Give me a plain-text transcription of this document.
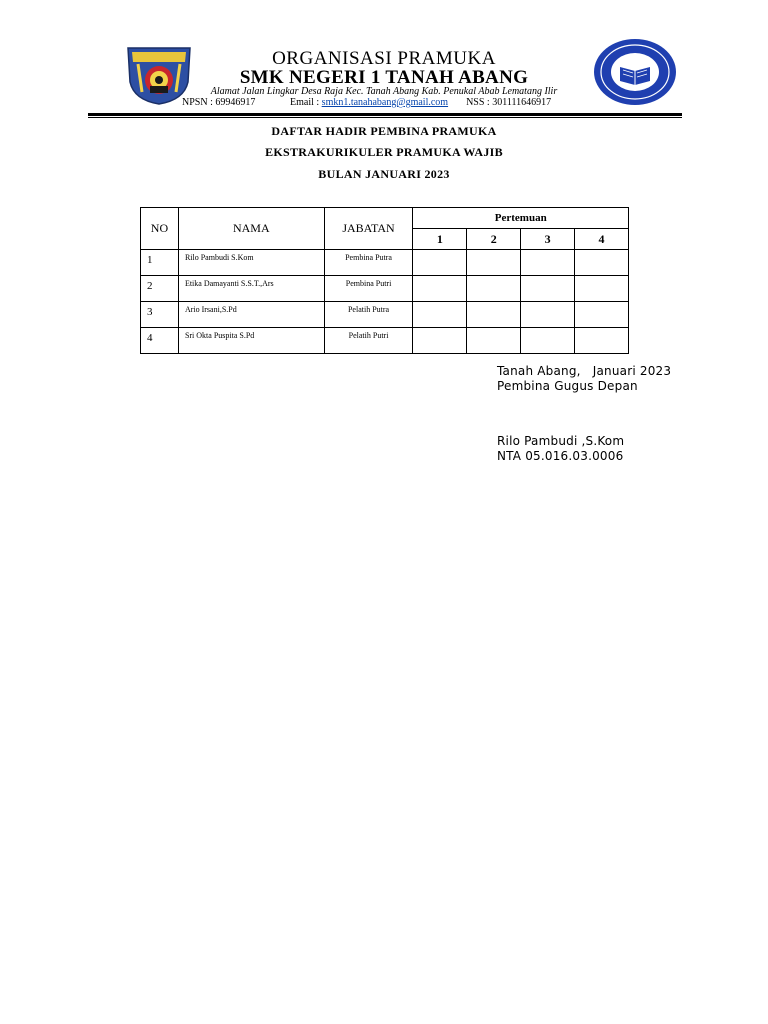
ORGANISASI PRAMUKA
SMK NEGERI 1 TANAH ABANG
Alamat Jalan Lingkar Desa Raja Kec. Tanah Abang Kab. Penukal Abab Lematang Ilir
NPSN : 69946917	Email : smkn1.tanahabang@gmail.com NSS : 301111646917
DAFTAR HADIR PEMBINA PRAMUKA
EKSTRAKURIKULER PRAMUKA WAJIB
BULAN JANUARI 2023
NO	NAMA	JABATAN	Pertemuan			
			1	2	3	4
1	Rilo Pambudi S.Kom	Pembina Putra				
2	Etika Damayanti S.S.T.,Ars	Pembina Putri				
3	Ario Irsani,S.Pd	Pelatih Putra				
4	Sri Okta Puspita S.Pd	Pelatih Putri				
Tanah Abang,   Januari 2023
Pembina Gugus Depan
Rilo Pambudi ,S.Kom
NTA 05.016.03.0006
